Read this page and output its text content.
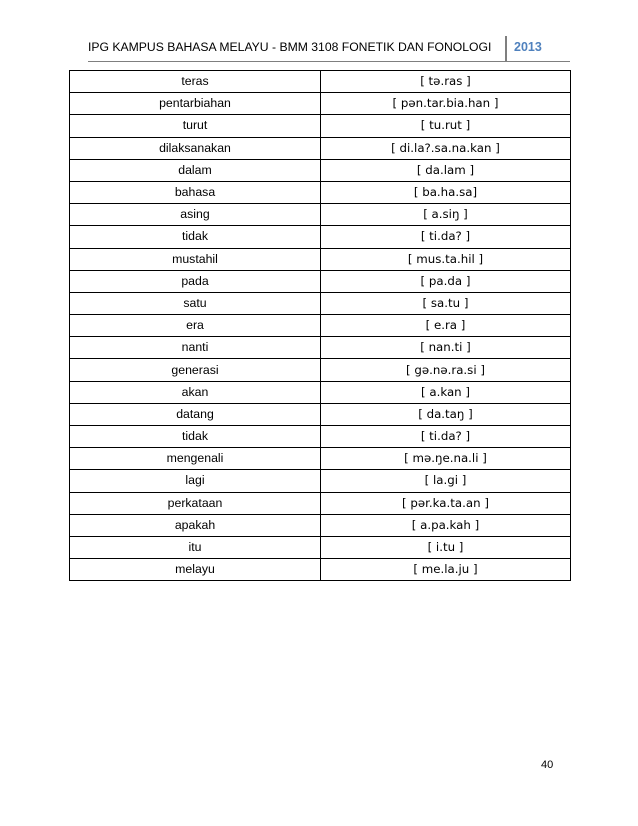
IPG KAMPUS BAHASA MELAYU - BMM 3108 FONETIK DAN FONOLOGI 2013
teras	[ tə.ras ]
pentarbiahan	[ pən.tar.bia.han ]
turut	[ tu.rut ]
dilaksanakan	[ di.la?.sa.na.kan ]
dalam	[ da.lam ]
bahasa	[ ba.ha.sa]
asing	[ a.siŋ ]
tidak	[ ti.da? ]
mustahil	[ mus.ta.hil ]
pada	[ pa.da ]
satu	[ sa.tu ]
era	[ e.ra ]
nanti	[ nan.ti ]
generasi	[ gə.nə.ra.si ]
akan	[ a.kan ]
datang	[ da.taŋ ]
tidak	[ ti.da? ]
mengenali	[ mə.ŋe.na.li ]
lagi	[ la.gi ]
perkataan	[ pər.ka.ta.an ]
apakah	[ a.pa.kah ]
itu	[ i.tu ]
melayu	[ me.la.ju ]
40
